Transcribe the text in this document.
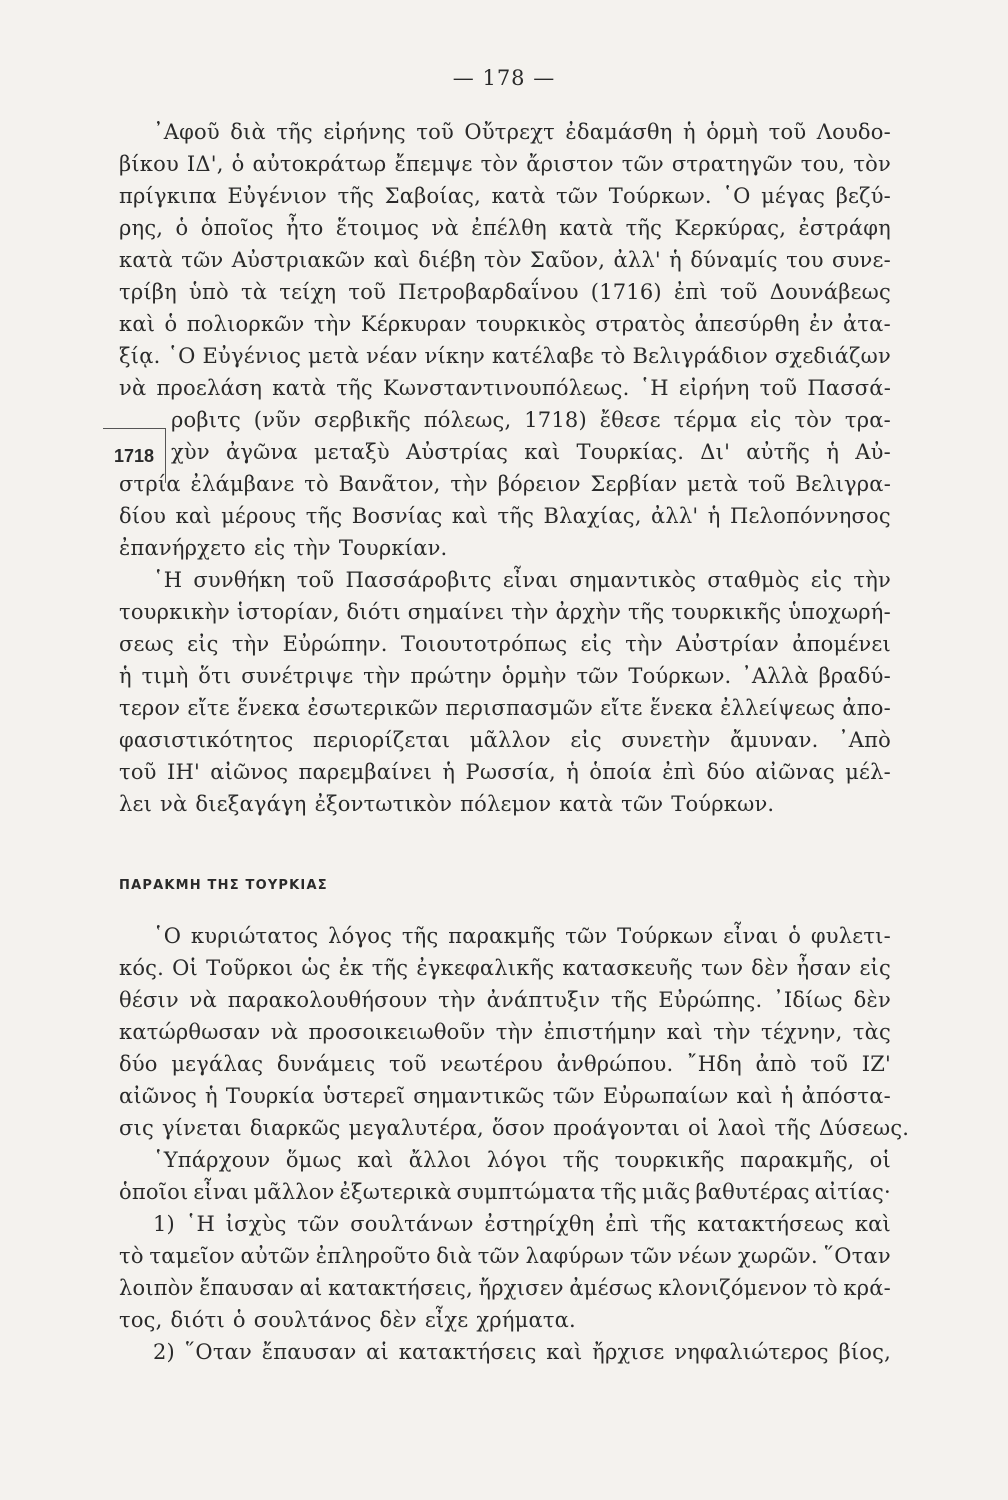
— 178 —
1718
᾿Αφοῦ διὰ τῆς εἰρήνης τοῦ Οὔτρεχτ ἐδαμάσθη ἡ ὁρμὴ τοῦ Λουδο-
βίκου ΙΔ', ὁ αὐτοκράτωρ ἔπεμψε τὸν ἄριστον τῶν στρατηγῶν του, τὸν
πρίγκιπα Εὐγένιον τῆς Σαβοίας, κατὰ τῶν Τούρκων. ῾Ο μέγας βεζύ-
ρης, ὁ ὁποῖος ἦτο ἕτοιμος νὰ ἐπέλθη κατὰ τῆς Κερκύρας, ἐστράφη
κατὰ τῶν Αὐστριακῶν καὶ διέβη τὸν Σαῦον, ἀλλ' ἡ δύναμίς του συνε-
τρίβη ὑπὸ τὰ τείχη τοῦ Πετροβαρδαΐνου (1716) ἐπὶ τοῦ Δουνάβεως
καὶ ὁ πολιορκῶν τὴν Κέρκυραν τουρκικὸς στρατὸς ἀπεσύρθη ἐν ἀτα-
ξίᾳ. ῾Ο Εὐγένιος μετὰ νέαν νίκην κατέλαβε τὸ Βελιγράδιον σχεδιάζων
νὰ προελάση κατὰ τῆς Κωνσταντινουπόλεως. ῾Η εἰρήνη τοῦ Πασσά-
ροβιτς (νῦν σερβικῆς πόλεως, 1718) ἔθεσε τέρμα εἰς τὸν τρα-
χὺν ἀγῶνα μεταξὺ Αὐστρίας καὶ Τουρκίας. Δι' αὐτῆς ἡ Αὐ-
στρία ἐλάμβανε τὸ Βανᾶτον, τὴν βόρειον Σερβίαν μετὰ τοῦ Βελιγρα-
δίου καὶ μέρους τῆς Βοσνίας καὶ τῆς Βλαχίας, ἀλλ' ἡ Πελοπόννησος
ἐπανήρχετο εἰς τὴν Τουρκίαν.
῾Η συνθήκη τοῦ Πασσάροβιτς εἶναι σημαντικὸς σταθμὸς εἰς τὴν
τουρκικὴν ἱστορίαν, διότι σημαίνει τὴν ἀρχὴν τῆς τουρκικῆς ὑποχωρή-
σεως εἰς τὴν Εὐρώπην. Τοιουτοτρόπως εἰς τὴν Αὐστρίαν ἀπομένει
ἡ τιμὴ ὅτι συνέτριψε τὴν πρώτην ὁρμὴν τῶν Τούρκων. ᾿Αλλὰ βραδύ-
τερον εἴτε ἕνεκα ἐσωτερικῶν περισπασμῶν εἴτε ἕνεκα ἐλλείψεως ἀπο-
φασιστικότητος περιορίζεται μᾶλλον εἰς συνετὴν ἄμυναν. ᾿Απὸ
τοῦ ΙΗ' αἰῶνος παρεμβαίνει ἡ Ρωσσία, ἡ ὁποία ἐπὶ δύο αἰῶνας μέλ-
λει νὰ διεξαγάγη ἐξοντωτικὸν πόλεμον κατὰ τῶν Τούρκων.
ΠΑΡΑΚΜΗ ΤΗΣ ΤΟΥΡΚΙΑΣ
῾Ο κυριώτατος λόγος τῆς παρακμῆς τῶν Τούρκων εἶναι ὁ φυλετι-
κός. Οἱ Τοῦρκοι ὡς ἐκ τῆς ἐγκεφαλικῆς κατασκευῆς των δὲν ἦσαν εἰς
θέσιν νὰ παρακολουθήσουν τὴν ἀνάπτυξιν τῆς Εὐρώπης. ᾿Ιδίως δὲν
κατώρθωσαν νὰ προσοικειωθοῦν τὴν ἐπιστήμην καὶ τὴν τέχνην, τὰς
δύο μεγάλας δυνάμεις τοῦ νεωτέρου ἀνθρώπου. ῎Ηδη ἀπὸ τοῦ ΙΖ'
αἰῶνος ἡ Τουρκία ὑστερεῖ σημαντικῶς τῶν Εὐρωπαίων καὶ ἡ ἀπόστα-
σις γίνεται διαρκῶς μεγαλυτέρα, ὅσον προάγονται οἱ λαοὶ τῆς Δύσεως.
῾Υπάρχουν ὅμως καὶ ἄλλοι λόγοι τῆς τουρκικῆς παρακμῆς, οἱ
ὁποῖοι εἶναι μᾶλλον ἐξωτερικὰ συμπτώματα τῆς μιᾶς βαθυτέρας αἰτίας·
1) ῾Η ἰσχὺς τῶν σουλτάνων ἐστηρίχθη ἐπὶ τῆς κατακτήσεως καὶ
τὸ ταμεῖον αὐτῶν ἐπληροῦτο διὰ τῶν λαφύρων τῶν νέων χωρῶν. ῞Οταν
λοιπὸν ἔπαυσαν αἱ κατακτήσεις, ἤρχισεν ἀμέσως κλονιζόμενον τὸ κρά-
τος, διότι ὁ σουλτάνος δὲν εἶχε χρήματα.
2) ῞Οταν ἔπαυσαν αἱ κατακτήσεις καὶ ἤρχισε νηφαλιώτερος βίος,
